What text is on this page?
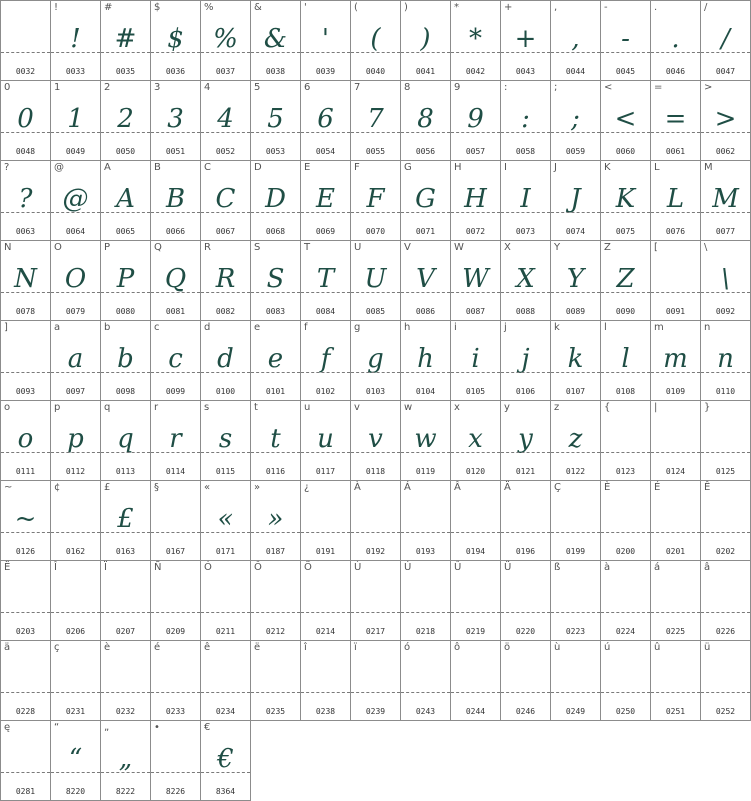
0032
!
!
0033
#
#
0035
$
$
0036
%
%
0037
&
&
0038
'
'
0039
(
(
0040
)
)
0041
*
*
0042
+
+
0043
,
,
0044
-
-
0045
.
.
0046
/
/
0047
0
0
0048
1
1
0049
2
2
0050
3
3
0051
4
4
0052
5
5
0053
6
6
0054
7
7
0055
8
8
0056
9
9
0057
:
:
0058
;
;
0059
<
<
0060
=
=
0061
>
>
0062
?
?
0063
@
@
0064
A
A
0065
B
B
0066
C
C
0067
D
D
0068
E
E
0069
F
F
0070
G
G
0071
H
H
0072
I
I
0073
J
J
0074
K
K
0075
L
L
0076
M
M
0077
N
N
0078
O
O
0079
P
P
0080
Q
Q
0081
R
R
0082
S
S
0083
T
T
0084
U
U
0085
V
V
0086
W
W
0087
X
X
0088
Y
Y
0089
Z
Z
0090
[
0091
\
\
0092
]
0093
a
a
0097
b
b
0098
c
c
0099
d
d
0100
e
e
0101
f
f
0102
g
g
0103
h
h
0104
i
i
0105
j
j
0106
k
k
0107
l
l
0108
m
m
0109
n
n
0110
o
o
0111
p
p
0112
q
q
0113
r
r
0114
s
s
0115
t
t
0116
u
u
0117
v
v
0118
w
w
0119
x
x
0120
y
y
0121
z
z
0122
{
0123
|
0124
}
0125
~
~
0126
¢
0162
£
£
0163
§
0167
«
«
0171
»
»
0187
¿
0191
À
0192
Á
0193
Â
0194
Ä
0196
Ç
0199
È
0200
É
0201
Ê
0202
Ë
0203
Î
0206
Ï
0207
Ñ
0209
Ó
0211
Ô
0212
Ö
0214
Ù
0217
Ú
0218
Û
0219
Ü
0220
ß
0223
à
0224
á
0225
â
0226
ä
0228
ç
0231
è
0232
é
0233
ê
0234
ë
0235
î
0238
ï
0239
ó
0243
ô
0244
ö
0246
ù
0249
ú
0250
û
0251
ü
0252
ę
0281
“
“
8220
„
„
8222
•
8226
€
€
8364
